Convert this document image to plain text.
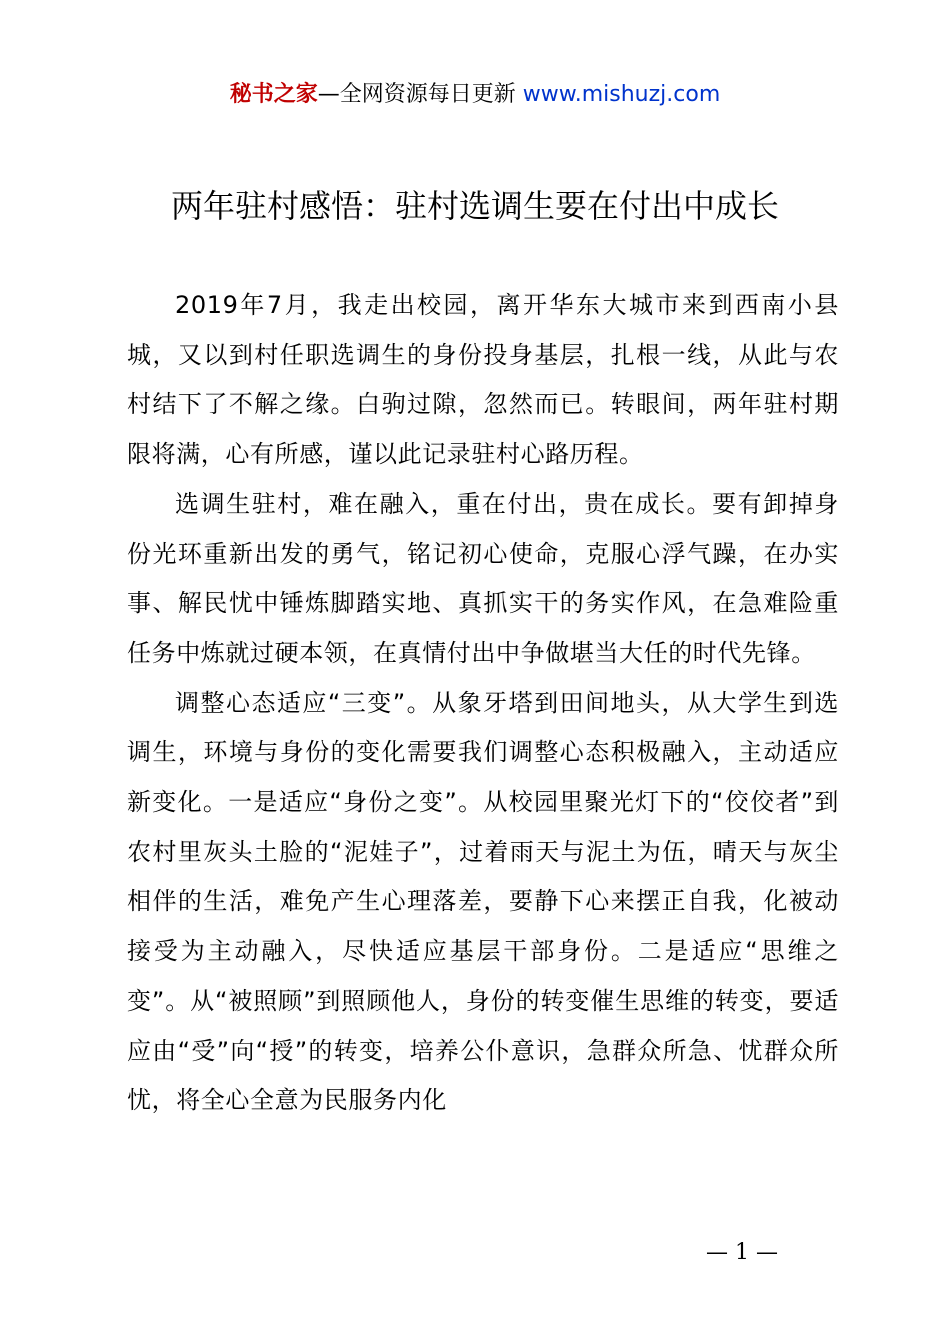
秘书之家—全网资源每日更新 www.mishuzj.com
两年驻村感悟：驻村选调生要在付出中成长

2019年7月，我走出校园，离开华东大城市来到西南小县城，又以到村任职选调生的身份投身基层，扎根一线，从此与农村结下了不解之缘。白驹过隙，忽然而已。转眼间，两年驻村期限将满，心有所感，谨以此记录驻村心路历程。

选调生驻村，难在融入，重在付出，贵在成长。要有卸掉身份光环重新出发的勇气，铭记初心使命，克服心浮气躁，在办实事、解民忧中锤炼脚踏实地、真抓实干的务实作风，在急难险重任务中炼就过硬本领，在真情付出中争做堪当大任的时代先锋。

调整心态适应“三变”。从象牙塔到田间地头，从大学生到选调生，环境与身份的变化需要我们调整心态积极融入，主动适应新变化。一是适应“身份之变”。从校园里聚光灯下的“佼佼者”到农村里灰头土脸的“泥娃子”，过着雨天与泥土为伍，晴天与灰尘相伴的生活，难免产生心理落差，要静下心来摆正自我，化被动接受为主动融入，尽快适应基层干部身份。二是适应“思维之变”。从“被照顾”到照顾他人，身份的转变催生思维的转变，要适应由“受”向“授”的转变，培养公仆意识，急群众所急、忧群众所忧，将全心全意为民服务内化

— 1 —
